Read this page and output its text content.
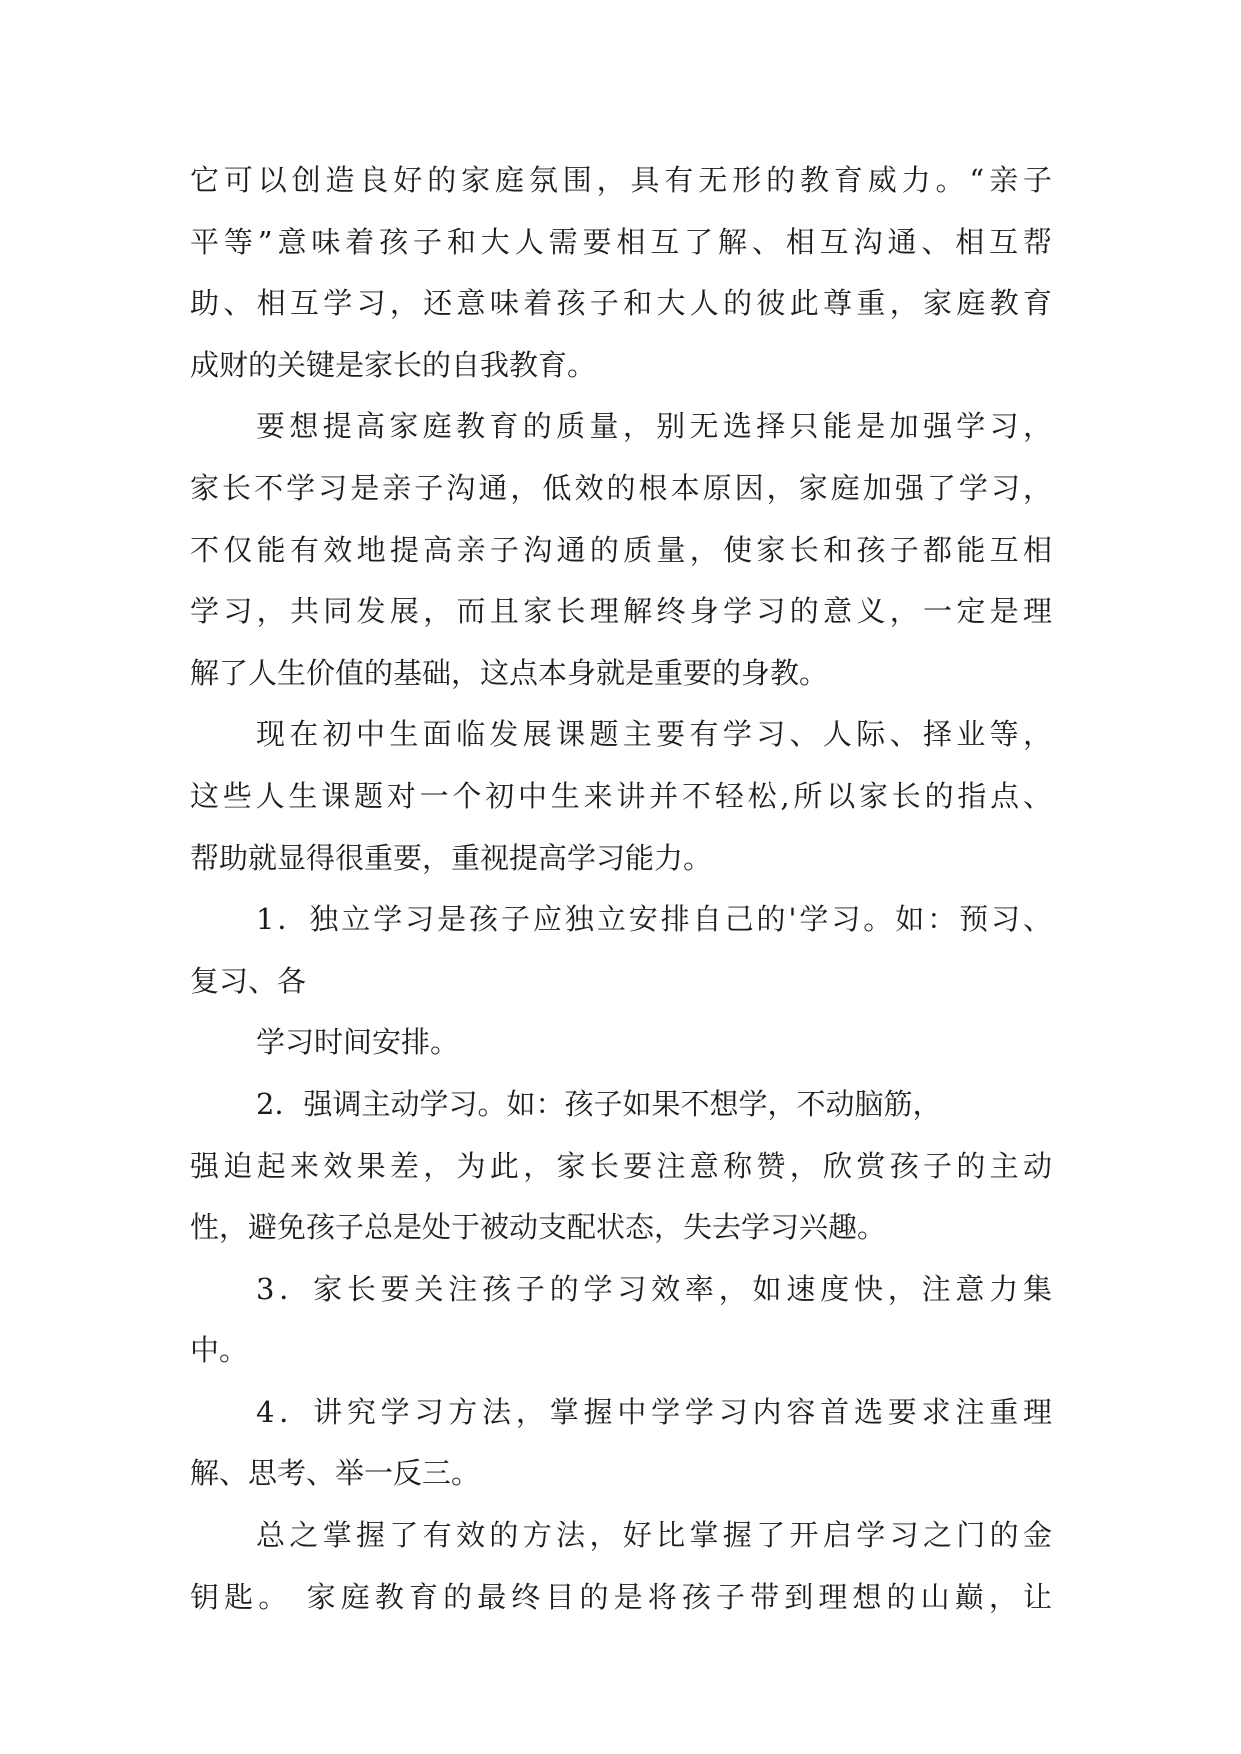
它可以创造良好的家庭氛围，具有无形的教育威力。“亲子
平等”意味着孩子和大人需要相互了解、相互沟通、相互帮
助、相互学习，还意味着孩子和大人的彼此尊重，家庭教育
成财的关键是家长的自我教育。
要想提高家庭教育的质量，别无选择只能是加强学习，
家长不学习是亲子沟通，低效的根本原因，家庭加强了学习，
不仅能有效地提高亲子沟通的质量，使家长和孩子都能互相
学习，共同发展，而且家长理解终身学习的意义，一定是理
解了人生价值的基础，这点本身就是重要的身教。
现在初中生面临发展课题主要有学习、人际、择业等，
这些人生课题对一个初中生来讲并不轻松,所以家长的指点、
帮助就显得很重要，重视提高学习能力。
1．独立学习是孩子应独立安排自己的'学习。如：预习、
复习、各
学习时间安排。
2．强调主动学习。如：孩子如果不想学，不动脑筋，
强迫起来效果差，为此，家长要注意称赞，欣赏孩子的主动
性，避免孩子总是处于被动支配状态，失去学习兴趣。
3．家长要关注孩子的学习效率，如速度快，注意力集
中。
4．讲究学习方法，掌握中学学习内容首选要求注重理
解、思考、举一反三。
总之掌握了有效的方法，好比掌握了开启学习之门的金
钥匙。 家庭教育的最终目的是将孩子带到理想的山巅，让
